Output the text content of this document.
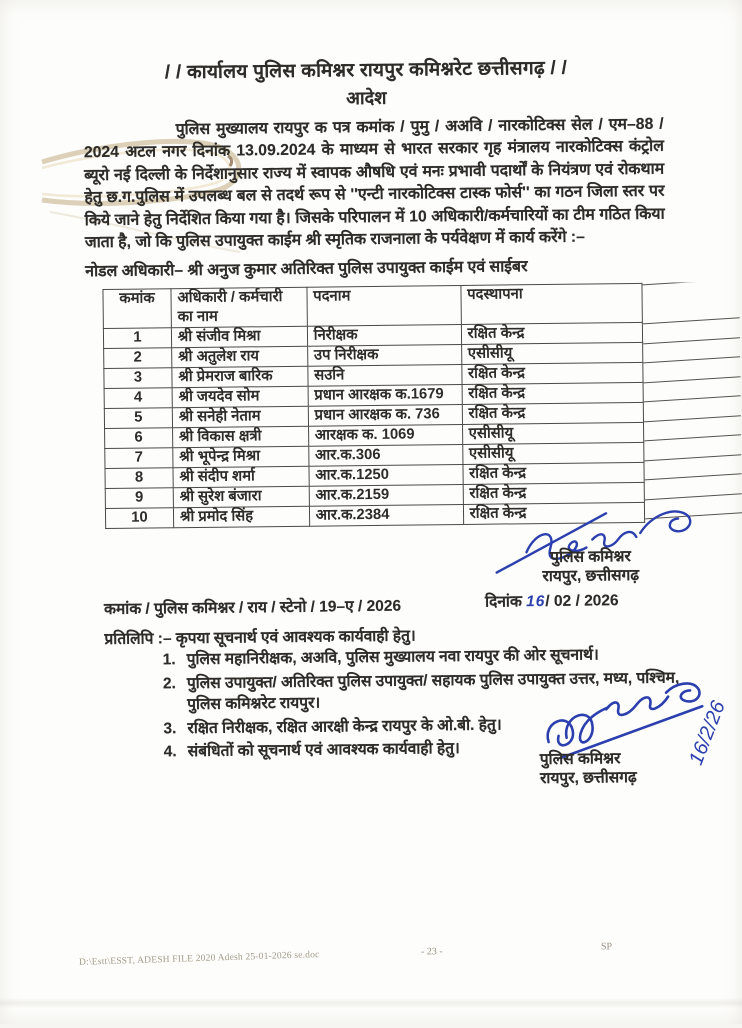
/ / कार्यालय पुलिस कमिश्नर रायपुर कमिश्नरेट छत्तीसगढ़ / /
आदेश
पुलिस मुख्यालय रायपुर क पत्र कमांक / पुमु / अअवि / नारकोटिक्स सेल / एम–88 / 2024 अटल नगर दिनांक 13.09.2024 के माध्यम से भारत सरकार गृह मंत्रालय नारकोटिक्स कंट्रोल ब्यूरो नई दिल्ली के निर्देशानुसार राज्य में स्वापक औषधि एवं मनः प्रभावी पदार्थों के नियंत्रण एवं रोकथाम हेतु छ.ग.पुलिस में उपलब्ध बल से तदर्थ रूप से ''एन्टी नारकोटिक्स टास्क फोर्स'' का गठन जिला स्तर पर किये जाने हेतु निर्देशित किया गया है। जिसके परिपालन में 10 अधिकारी/कर्मचारियों का टीम गठित किया जाता है, जो कि पुलिस उपायुक्त काईम श्री स्मृतिक राजनाला के पर्यवेक्षण में कार्य करेंगे :–
नोडल अधिकारी– श्री अनुज कुमार अतिरिक्त पुलिस उपायुक्त काईम एवं साईबर
कमांक	अधिकारी / कर्मचारी का नाम	पदनाम	पदस्थापना
1	श्री संजीव मिश्रा	निरीक्षक	रक्षित केन्द्र
2	श्री अतुलेश राय	उप निरीक्षक	एसीसीयू
3	श्री प्रेमराज बारिक	सउनि	रक्षित केन्द्र
4	श्री जयदेव सोम	प्रधान आरक्षक क.1679	रक्षित केन्द्र
5	श्री सनेही नेताम	प्रधान आरक्षक क. 736	रक्षित केन्द्र
6	श्री विकास क्षत्री	आरक्षक क. 1069	एसीसीयू
7	श्री भूपेन्द्र मिश्रा	आर.क.306	एसीसीयू
8	श्री संदीप शर्मा	आर.क.1250	रक्षित केन्द्र
9	श्री सुरेश बंजारा	आर.क.2159	रक्षित केन्द्र
10	श्री प्रमोद सिंह	आर.क.2384	रक्षित केन्द्र
पुलिस कमिश्नर
रायपुर, छत्तीसगढ़
दिनांक 16/ 02 / 2026
कमांक / पुलिस कमिश्नर / राय / स्टेनो / 19–ए / 2026
प्रतिलिपि :– कृपया सूचनार्थ एवं आवश्यक कार्यवाही हेतु।
1. पुलिस महानिरीक्षक, अअवि, पुलिस मुख्यालय नवा रायपुर की ओर सूचनार्थ।
2. पुलिस उपायुक्त/ अतिरिक्त पुलिस उपायुक्त/ सहायक पुलिस उपायुक्त उत्तर, मध्य, पश्चिम, पुलिस कमिश्नरेट रायपुर।
3. रक्षित निरीक्षक, रक्षित आरक्षी केन्द्र रायपुर के ओ.बी. हेतु।
4. संबंधितों को सूचनार्थ एवं आवश्यक कार्यवाही हेतु।	16/2/26
पुलिस कमिश्नर
रायपुर, छत्तीसगढ़
D:\Estt\ESST, ADESH FILE 2020 Adesh 25-01-2026 se.doc	- 23 -	SP
